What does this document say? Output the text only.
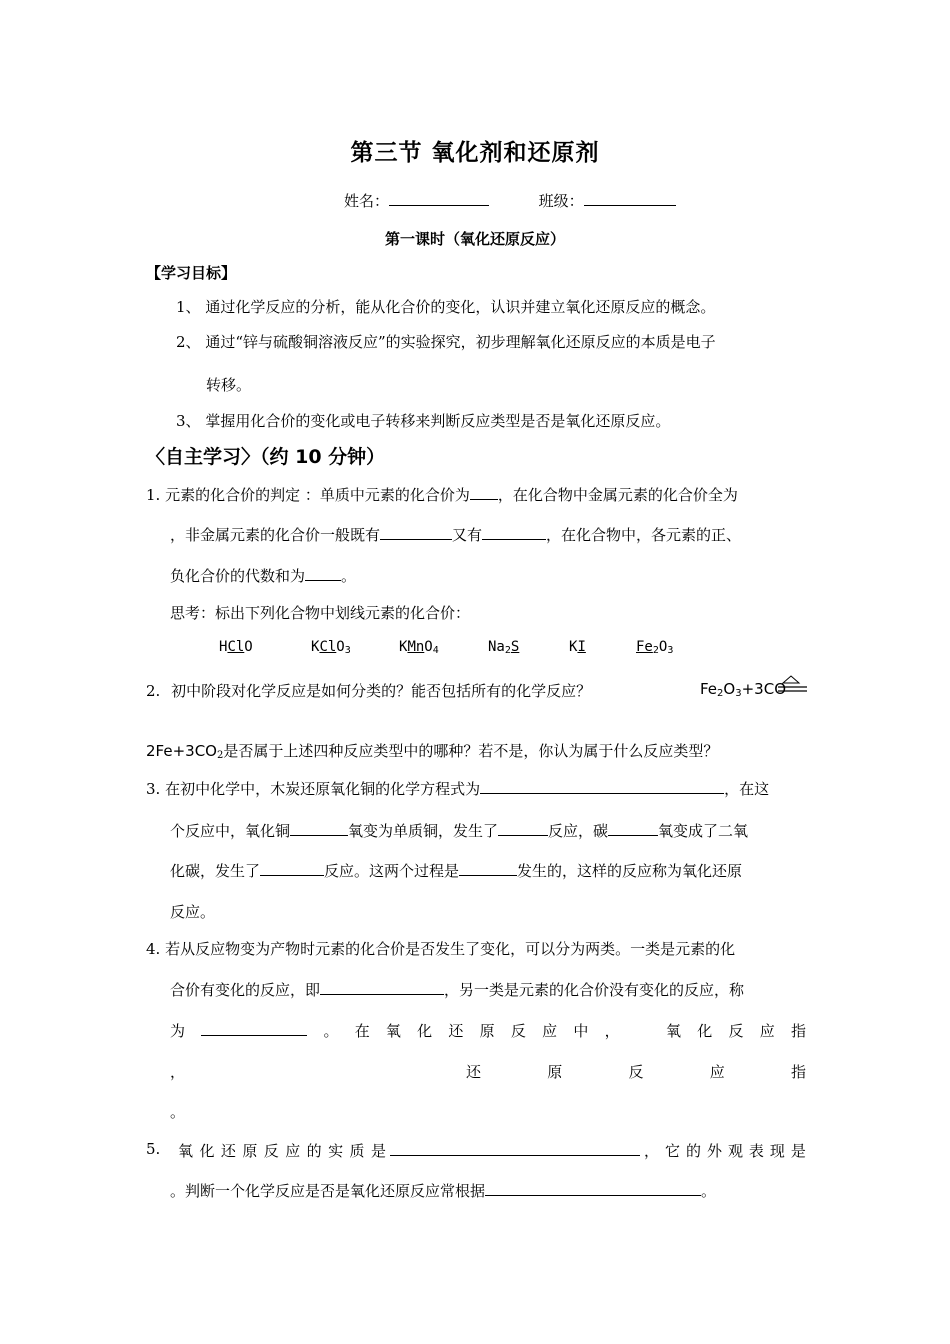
第三节 氧化剂和还原剂
姓名：	班级：
第一课时（氧化还原反应）
【学习目标】
1、 通过化学反应的分析，能从化合价的变化，认识并建立氧化还原反应的概念。
2、 通过“锌与硫酸铜溶液反应”的实验探究，初步理解氧化还原反应的本质是电子
转移。
3、 掌握用化合价的变化或电子转移来判断反应类型是否是氧化还原反应。
〈自主学习〉（约 10 分钟）
1. 元素的化合价的判定 ：单质中元素的化合价为 ，在化合物中金属元素的化合价全为
，非金属元素的化合价一般既有	又有	，在化合物中，各元素的正、
负化合价的代数和为 。
思考：标出下列化合物中划线元素的化合价：
HClO	KClO$_3$	KMnO$_4$	$Na_2S$	KI	$Fe_2O_3$
2. 初中阶段对化学反应是如何分类的？能否包括所有的化学反应？	$Fe_2O_3+3CO$
$2Fe+3CO_2$是否属于上述四种反应类型中的哪种？若不是，你认为属于什么反应类型？
3. 在初中化学中，木炭还原氧化铜的化学方程式为	，在这
个反应中，氧化铜	氧变为单质铜，发生了	反应，碳	氧变成了二氧
化碳，发生了	反应。这两个过程是	发生的，这样的反应称为氧化还原
反应。
4. 若从反应物变为产物时元素的化合价是否发生了变化，可以分为两类。一类是元素的化
合价有变化的反应，即	，另一类是元素的化合价没有变化的反应，称
为	。 在 氧 化 还 原 反 应 中 ，	氧 化 反 应 指
，	还	原	反	应	指
。
5. 氧 化 还 原 反 应 的 实 质 是	， 它 的 外 观 表 现 是
。判断一个化学反应是否是氧化还原反应常根据	。
